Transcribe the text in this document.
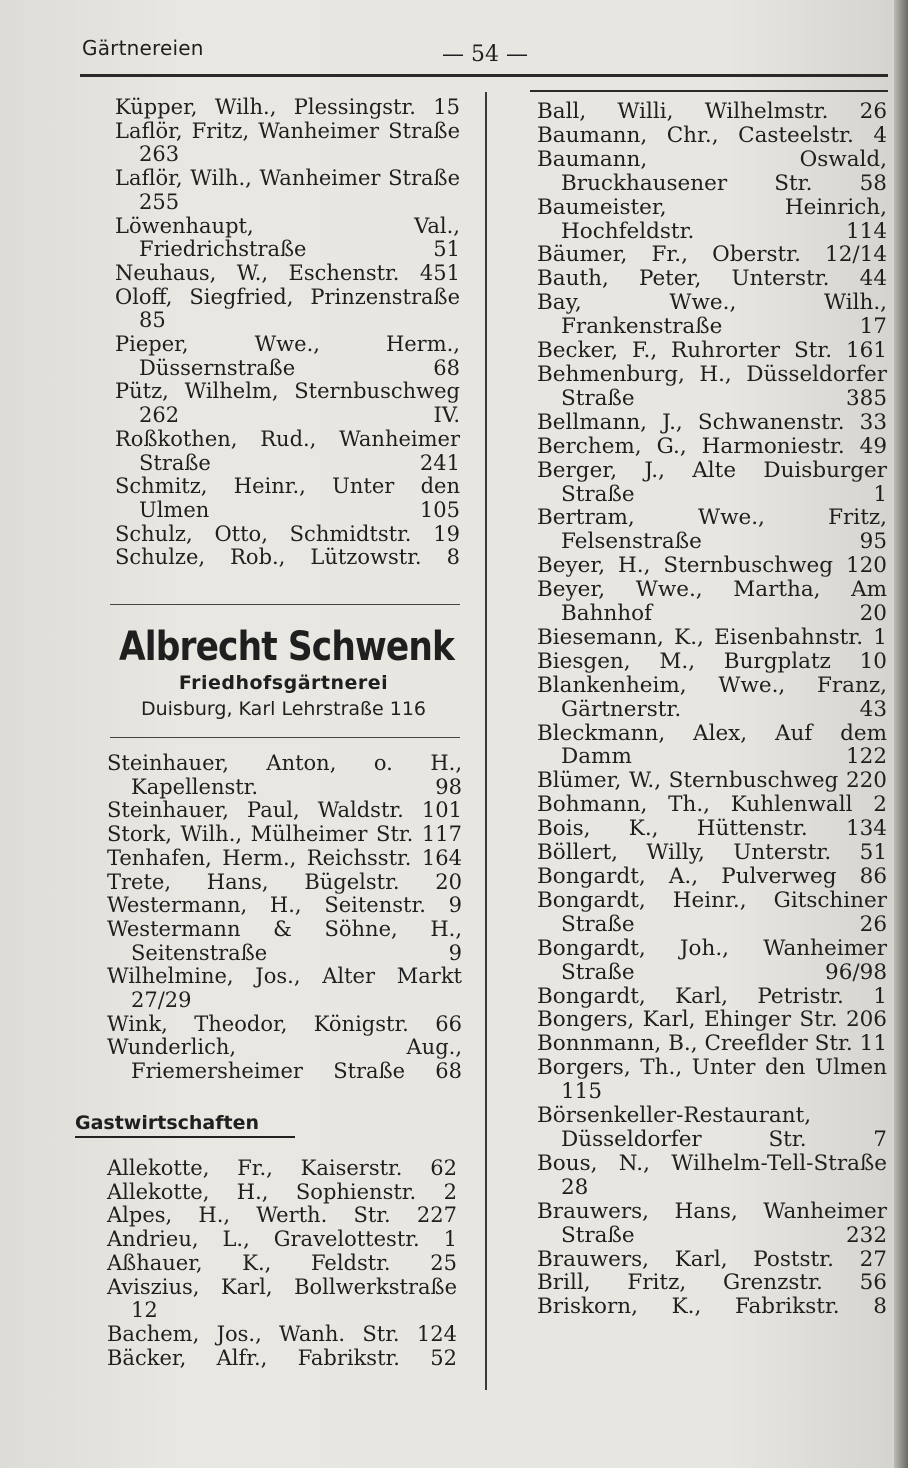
Gärtnereien	— 54 —

Küpper, Wilh., Plessingstr. 15

Laflör, Fritz, Wanheimer Straße 263

Laflör, Wilh., Wanheimer Straße 255

Löwenhaupt, Val., Friedrichstraße 51

Neuhaus, W., Eschenstr. 451

Oloff, Siegfried, Prinzenstraße 85

Pieper, Wwe., Herm., Düssernstraße 68

Pütz, Wilhelm, Sternbuschweg 262 IV.

Roßkothen, Rud., Wanheimer Straße 241

Schmitz, Heinr., Unter den Ulmen 105

Schulz, Otto, Schmidtstr. 19

Schulze, Rob., Lützowstr. 8

Albrecht Schwenk
Friedhofsgärtnerei
Duisburg, Karl Lehrstraße 116

Steinhauer, Anton, o. H., Kapellenstr. 98

Steinhauer, Paul, Waldstr. 101

Stork, Wilh., Mülheimer Str. 117

Tenhafen, Herm., Reichsstr. 164

Trete, Hans, Bügelstr. 20

Westermann, H., Seitenstr. 9

Westermann & Söhne, H., Seitenstraße 9

Wilhelmine, Jos., Alter Markt 27/29

Wink, Theodor, Königstr. 66

Wunderlich, Aug., Friemersheimer Straße 68

Gastwirtschaften

Allekotte, Fr., Kaiserstr. 62

Allekotte, H., Sophienstr. 2

Alpes, H., Werth. Str. 227

Andrieu, L., Gravelottestr. 1

Aßhauer, K., Feldstr. 25

Aviszius, Karl, Bollwerkstraße 12

Bachem, Jos., Wanh. Str. 124

Bäcker, Alfr., Fabrikstr. 52

Ball, Willi, Wilhelmstr. 26

Baumann, Chr., Casteelstr. 4

Baumann, Oswald, Bruckhausener Str. 58

Baumeister, Heinrich, Hochfeldstr. 114

Bäumer, Fr., Oberstr. 12/14

Bauth, Peter, Unterstr. 44

Bay, Wwe., Wilh., Frankenstraße 17

Becker, F., Ruhrorter Str. 161

Behmenburg, H., Düsseldorfer Straße 385

Bellmann, J., Schwanenstr. 33

Berchem, G., Harmoniestr. 49

Berger, J., Alte Duisburger Straße 1

Bertram, Wwe., Fritz, Felsenstraße 95

Beyer, H., Sternbuschweg 120

Beyer, Wwe., Martha, Am Bahnhof 20

Biesemann, K., Eisenbahnstr. 1

Biesgen, M., Burgplatz 10

Blankenheim, Wwe., Franz, Gärtnerstr. 43

Bleckmann, Alex, Auf dem Damm 122

Blümer, W., Sternbuschweg 220

Bohmann, Th., Kuhlenwall 2

Bois, K., Hüttenstr. 134

Böllert, Willy, Unterstr. 51

Bongardt, A., Pulverweg 86

Bongardt, Heinr., Gitschiner Straße 26

Bongardt, Joh., Wanheimer Straße 96/98

Bongardt, Karl, Petristr. 1

Bongers, Karl, Ehinger Str. 206

Bonnmann, B., Creeflder Str. 11

Borgers, Th., Unter den Ulmen 115

Börsenkeller-Restaurant, Düsseldorfer Str. 7

Bous, N., Wilhelm-Tell-Straße 28

Brauwers, Hans, Wanheimer Straße 232

Brauwers, Karl, Poststr. 27

Brill, Fritz, Grenzstr. 56

Briskorn, K., Fabrikstr. 8
